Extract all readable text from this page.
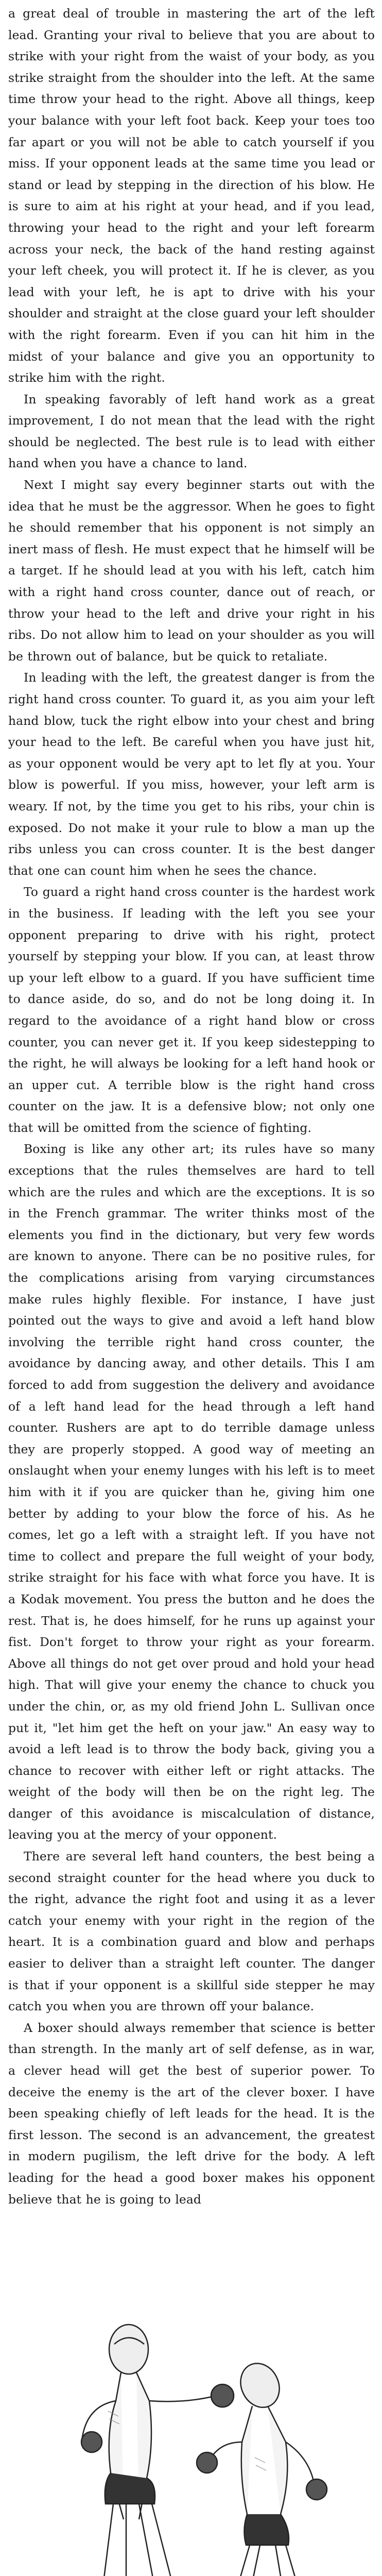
a great deal of trouble in mastering the art of the left lead. Granting your rival to believe that you are about to strike with your right from the waist of your body, as you strike straight from the shoulder into the left. At the same time throw your head to the right. Above all things, keep your balance with your left foot back. Keep your toes too far apart or you will not be able to catch yourself if you miss. If your opponent leads at the same time you lead or stand or lead by stepping in the direction of his blow. He is sure to aim at his right at your head, and if you lead, throwing your head to the right and your left forearm across your neck, the back of the hand resting against your left cheek, you will protect it. If he is clever, as you lead with your left, he is apt to drive with his your shoulder and straight at the close guard your left shoulder with the right forearm. Even if you can hit him in the midst of your balance and give you an opportunity to strike him with the right.

In speaking favorably of left hand work as a great improvement, I do not mean that the lead with the right should be neglected. The best rule is to lead with either hand when you have a chance to land.

Next I might say every beginner starts out with the idea that he must be the aggressor. When he goes to fight he should remember that his opponent is not simply an inert mass of flesh. He must expect that he himself will be a target. If he should lead at you with his left, catch him with a right hand cross counter, dance out of reach, or throw your head to the left and drive your right in his ribs. Do not allow him to lead on your shoulder as you will be thrown out of balance, but be quick to retaliate.

In leading with the left, the greatest danger is from the right hand cross counter. To guard it, as you aim your left hand blow, tuck the right elbow into your chest and bring your head to the left. Be careful when you have just hit, as your opponent would be very apt to let fly at you. Your blow is powerful. If you miss, however, your left arm is weary. If not, by the time you get to his ribs, your chin is exposed. Do not make it your rule to blow a man up the ribs unless you can cross counter. It is the best danger that one can count him when he sees the chance.

To guard a right hand cross counter is the hardest work in the business. If leading with the left you see your opponent preparing to drive with his right, protect yourself by stepping your blow. If you can, at least throw up your left elbow to a guard. If you have sufficient time to dance aside, do so, and do not be long doing it. In regard to the avoidance of a right hand blow or cross counter, you can never get it. If you keep sidestepping to the right, he will always be looking for a left hand hook or an upper cut. A terrible blow is the right hand cross counter on the jaw. It is a defensive blow; not only one that will be omitted from the science of fighting.

Boxing is like any other art; its rules have so many exceptions that the rules themselves are hard to tell which are the rules and which are the exceptions. It is so in the French grammar. The writer thinks most of the elements you find in the dictionary, but very few words are known to anyone. There can be no positive rules, for the complications arising from varying circumstances make rules highly flexible. For instance, I have just pointed out the ways to give and avoid a left hand blow involving the terrible right hand cross counter, the avoidance by dancing away, and other details. This I am forced to add from suggestion the delivery and avoidance of a left hand lead for the head through a left hand counter. Rushers are apt to do terrible damage unless they are properly stopped. A good way of meeting an onslaught when your enemy lunges with his left is to meet him with it if you are quicker than he, giving him one better by adding to your blow the force of his. As he comes, let go a left with a straight left. If you have not time to collect and prepare the full weight of your body, strike straight for his face with what force you have. It is a Kodak movement. You press the button and he does the rest. That is, he does himself, for he runs up against your fist. Don't forget to throw your right as your forearm. Above all things do not get over proud and hold your head high. That will give your enemy the chance to chuck you under the chin, or, as my old friend John L. Sullivan once put it, "let him get the heft on your jaw." An easy way to avoid a left lead is to throw the body back, giving you a chance to recover with either left or right attacks. The weight of the body will then be on the right leg. The danger of this avoidance is miscalculation of distance, leaving you at the mercy of your opponent.

There are several left hand counters, the best being a second straight counter for the head where you duck to the right, advance the right foot and using it as a lever catch your enemy with your right in the region of the heart. It is a combination guard and blow and perhaps easier to deliver than a straight left counter. The danger is that if your opponent is a skillful side stepper he may catch you when you are thrown off your balance.

A boxer should always remember that science is better than strength. In the manly art of self defense, as in war, a clever head will get the best of superior power. To deceive the enemy is the art of the clever boxer. I have been speaking chiefly of left leads for the head. It is the first lesson. The second is an advancement, the greatest in modern pugilism, the left drive for the body. A left leading for the head a good boxer makes his opponent believe that he is going to lead
